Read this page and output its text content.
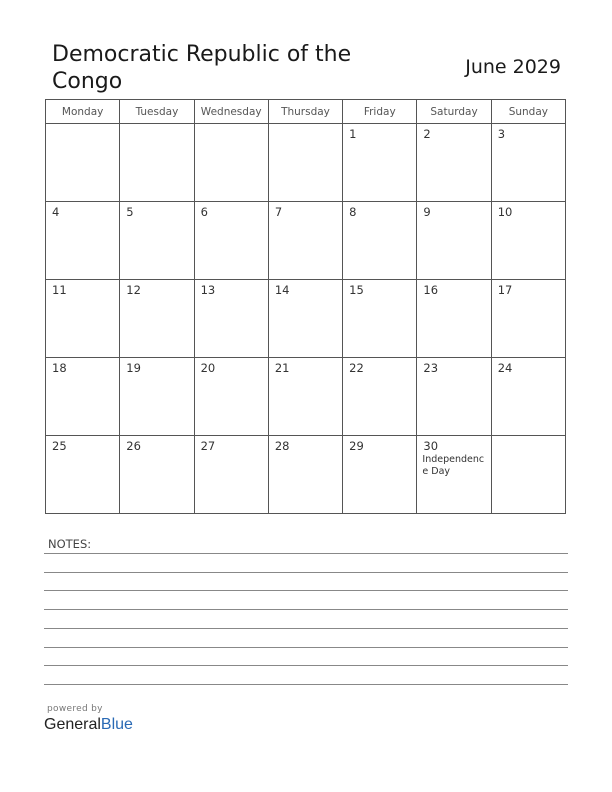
Democratic Republic of the Congo
June 2029
Monday	Tuesday	Wednesday	Thursday	Friday	Saturday	Sunday

				1	2	3

4	5	6	7	8	9	10

11	12	13	14	15	16	17

18	19	20	21	22	23	24

25	26	27	28	29	30
Independence Day	

NOTES:
powered by
GeneralBlue
